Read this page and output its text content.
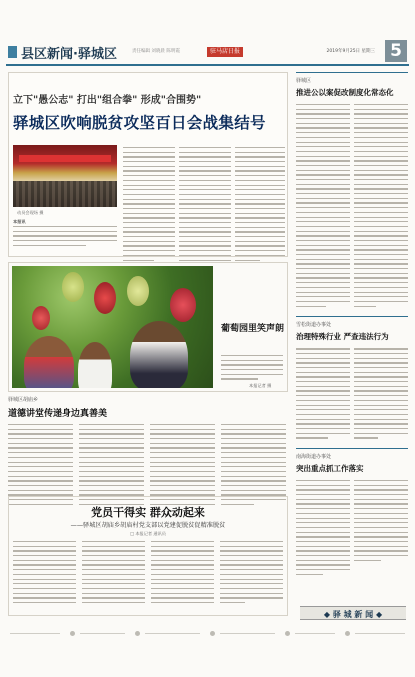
县区新闻·驿城区	责任编辑 刘晓晨 陈明霞	驻马店日报	2019年9月25日 星期三 5
立下"愚公志" 打出"组合拳" 形成"合围势"
驿城区吹响脱贫攻坚百日会战集结号
动员会现场 摄
本报讯
葡萄园里笑声朗
本报记者 摄
驿城区
推进公以案促改制度化常态化
雪松街道办事处
治理特殊行业 严查违法行为
南海街道办事处
突出重点抓工作落实
驿城区胡庙乡
道德讲堂传递身边真善美
党员干得实 群众动起来
——驿城区胡庙乡胡庙村党支部以党建促脱贫促精准脱贫
□ 本报记者 通讯员
◆ 驿 城 新 闻 ◆
